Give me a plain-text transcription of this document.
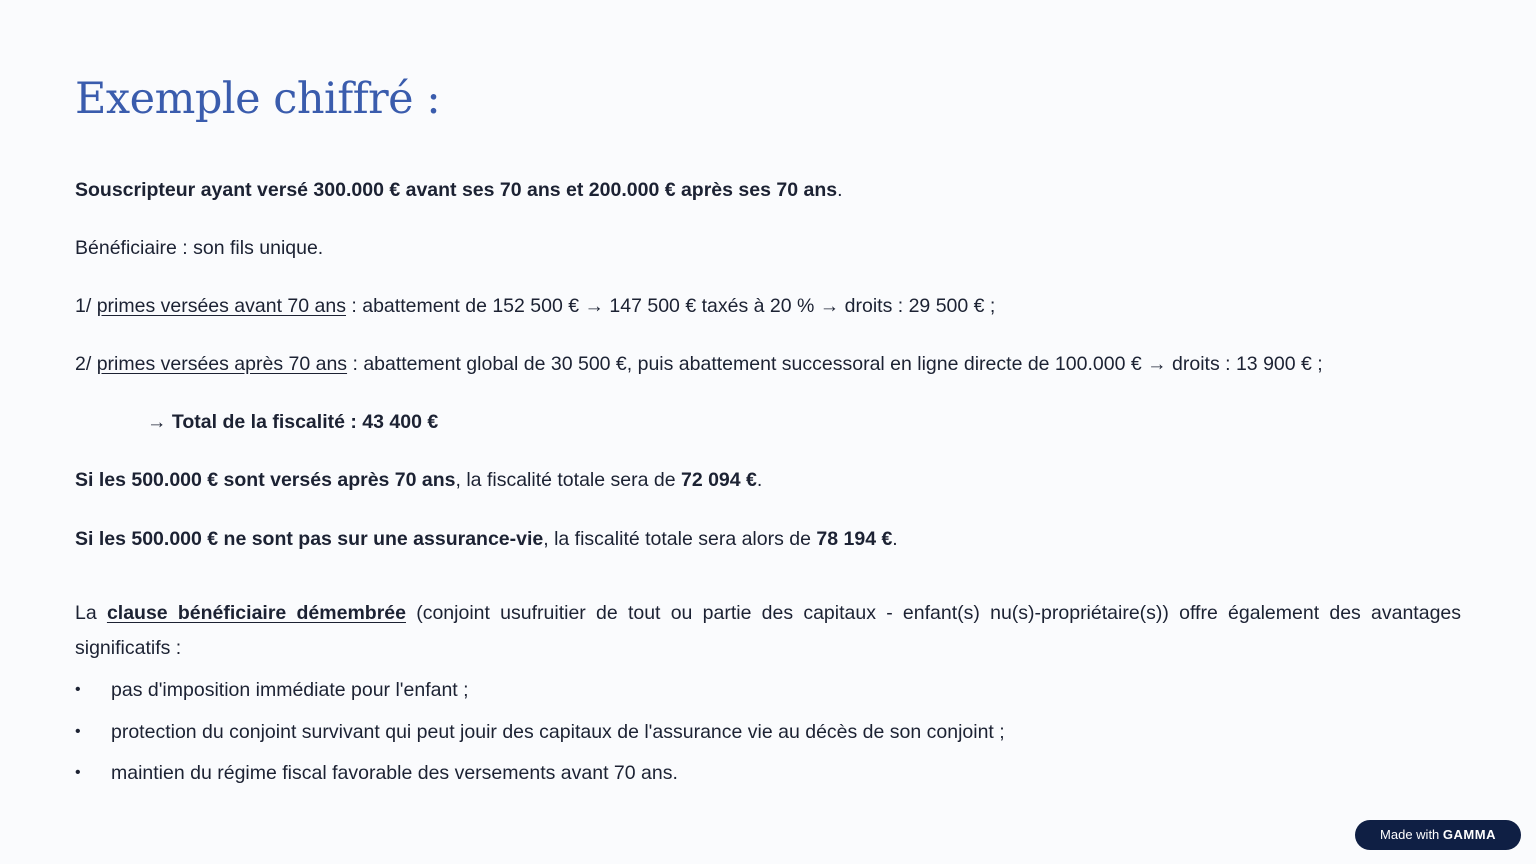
Exemple chiffré :
Souscripteur ayant versé 300.000 € avant ses 70 ans et 200.000 € après ses 70 ans.
Bénéficiaire : son fils unique.
1/ primes versées avant 70 ans : abattement de 152 500 € → 147 500 € taxés à 20 % → droits : 29 500 € ;
2/ primes versées après 70 ans : abattement global de 30 500 €, puis abattement successoral en ligne directe de 100.000 € → droits : 13 900 € ;
→ Total de la fiscalité : 43 400 €
Si les 500.000 € sont versés après 70 ans, la fiscalité totale sera de 72 094 €.
Si les 500.000 € ne sont pas sur une assurance-vie, la fiscalité totale sera alors de 78 194 €.
La clause bénéficiaire démembrée (conjoint usufruitier de tout ou partie des capitaux - enfant(s) nu(s)-propriétaire(s)) offre également des avantages significatifs :
• pas d'imposition immédiate pour l'enfant ;
• protection du conjoint survivant qui peut jouir des capitaux de l'assurance vie au décès de son conjoint ;
• maintien du régime fiscal favorable des versements avant 70 ans.
Made with GAMMA
